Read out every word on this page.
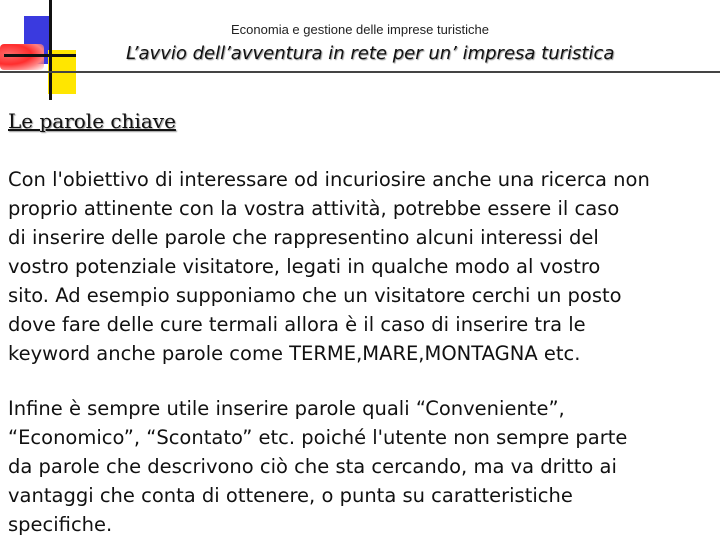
Economia e gestione delle imprese turistiche
L’avvio dell’avventura in rete per un’ impresa turistica
Le parole chiave

Con l'obiettivo di interessare od incuriosire anche una ricerca non
proprio attinente con la vostra attività, potrebbe essere il caso
di inserire delle parole che rappresentino alcuni interessi del
vostro potenziale visitatore, legati in qualche modo al vostro
sito. Ad esempio supponiamo che un visitatore cerchi un posto
dove fare delle cure termali allora è il caso di inserire tra le
keyword anche parole come TERME,MARE,MONTAGNA etc.

Infine è sempre utile inserire parole quali “Conveniente”,
“Economico”, “Scontato” etc. poiché l'utente non sempre parte
da parole che descrivono ciò che sta cercando, ma va dritto ai
vantaggi che conta di ottenere, o punta su caratteristiche
specifiche.
